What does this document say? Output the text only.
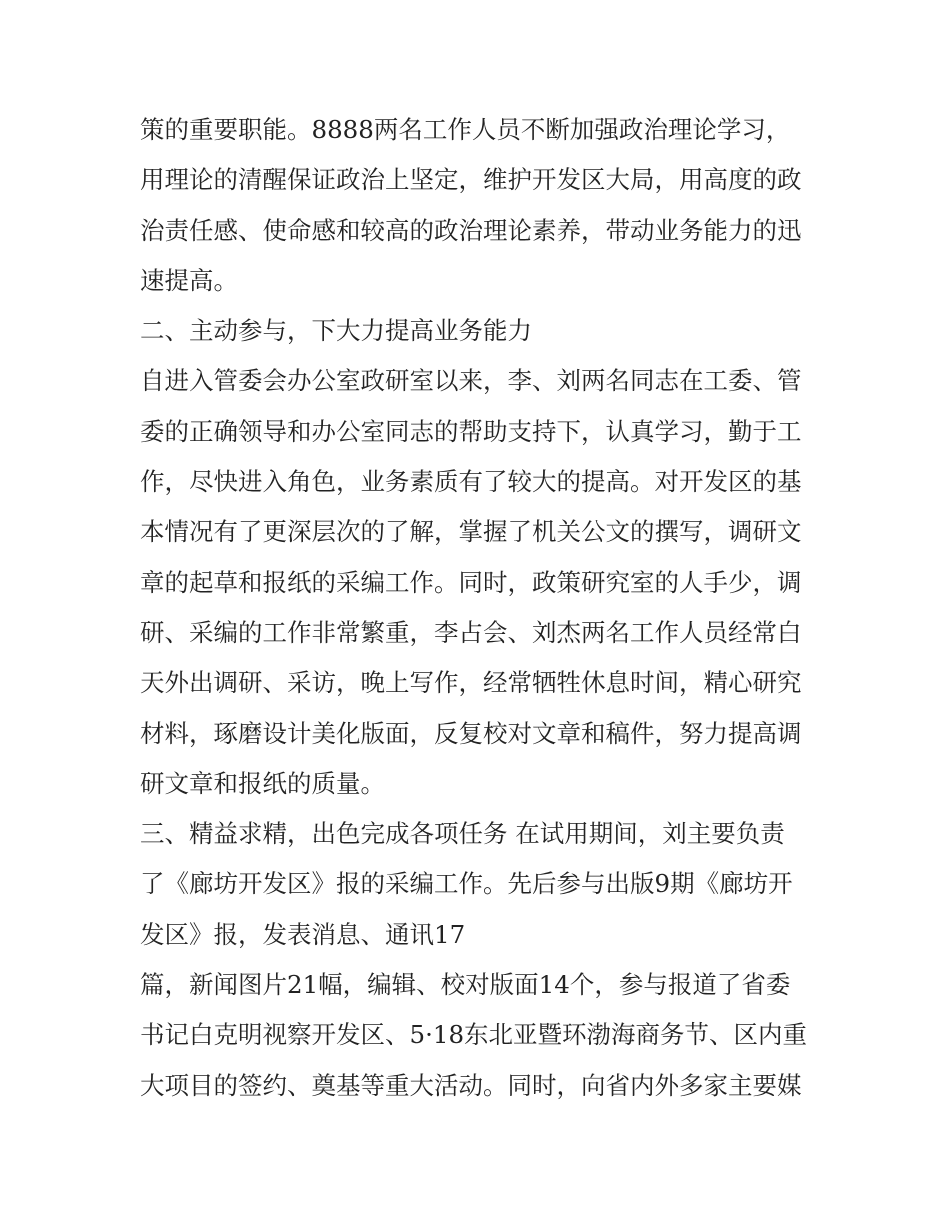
策的重要职能。8888两名工作人员不断加强政治理论学习，
用理论的清醒保证政治上坚定，维护开发区大局，用高度的政
治责任感、使命感和较高的政治理论素养，带动业务能力的迅
速提高。
二、主动参与，下大力提高业务能力
自进入管委会办公室政研室以来，李、刘两名同志在工委、管
委的正确领导和办公室同志的帮助支持下，认真学习，勤于工
作，尽快进入角色，业务素质有了较大的提高。对开发区的基
本情况有了更深层次的了解，掌握了机关公文的撰写，调研文
章的起草和报纸的采编工作。同时，政策研究室的人手少，调
研、采编的工作非常繁重，李占会、刘杰两名工作人员经常白
天外出调研、采访，晚上写作，经常牺牲休息时间，精心研究
材料，琢磨设计美化版面，反复校对文章和稿件，努力提高调
研文章和报纸的质量。
三、精益求精，出色完成各项任务 在试用期间，刘主要负责
了《廊坊开发区》报的采编工作。先后参与出版9期《廊坊开
发区》报，发表消息、通讯17
篇，新闻图片21幅，编辑、校对版面14个，参与报道了省委
书记白克明视察开发区、5·18东北亚暨环渤海商务节、区内重
大项目的签约、奠基等重大活动。同时，向省内外多家主要媒
